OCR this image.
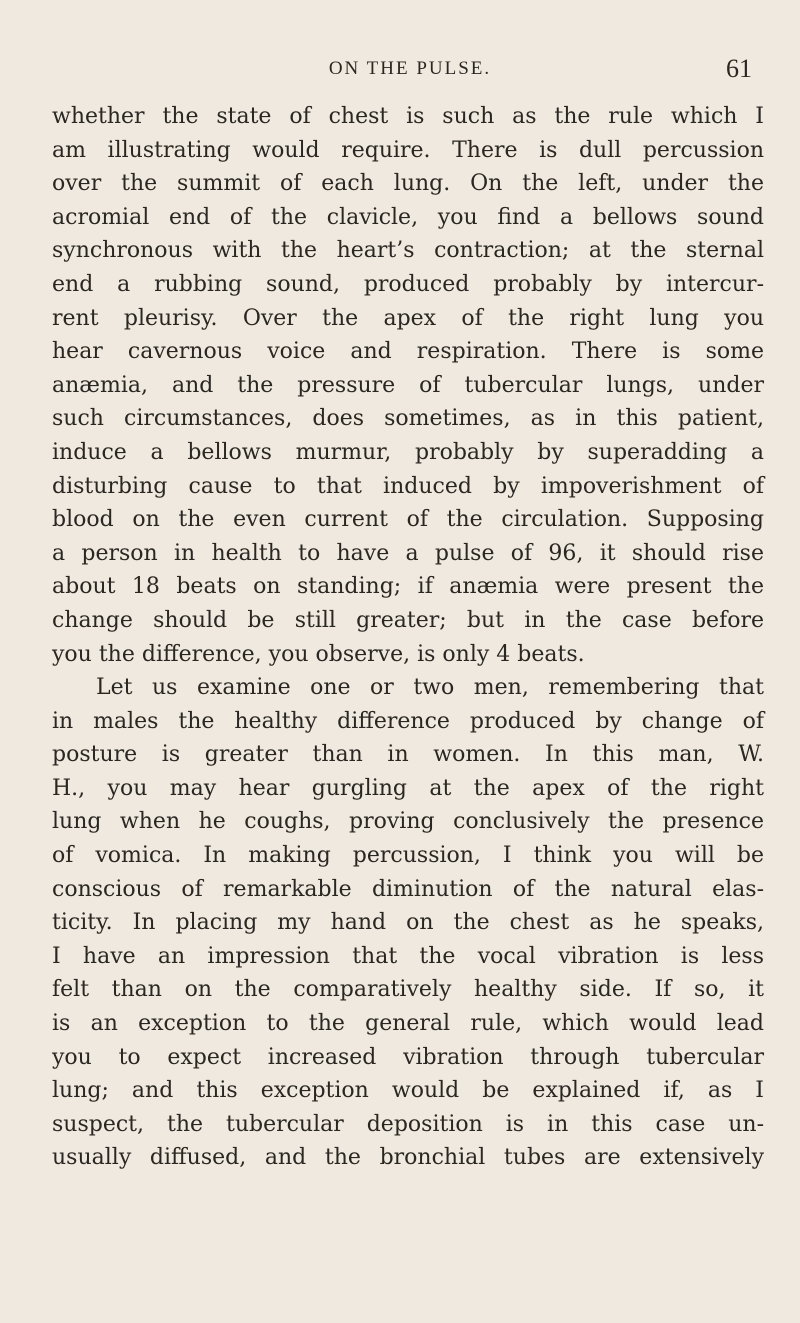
ON THE PULSE.	61
whether the state of chest is such as the rule which I
am illustrating would require. There is dull percussion
over the summit of each lung. On the left, under the
acromial end of the clavicle, you find a bellows sound
synchronous with the heart’s contraction; at the sternal
end a rubbing sound, produced probably by intercur-
rent pleurisy. Over the apex of the right lung you
hear cavernous voice and respiration. There is some
anæmia, and the pressure of tubercular lungs, under
such circumstances, does sometimes, as in this patient,
induce a bellows murmur, probably by superadding a
disturbing cause to that induced by impoverishment of
blood on the even current of the circulation. Supposing
a person in health to have a pulse of 96, it should rise
about 18 beats on standing; if anæmia were present the
change should be still greater; but in the case before
you the difference, you observe, is only 4 beats.
Let us examine one or two men, remembering that
in males the healthy difference produced by change of
posture is greater than in women. In this man, W.
H., you may hear gurgling at the apex of the right
lung when he coughs, proving conclusively the presence
of vomica. In making percussion, I think you will be
conscious of remarkable diminution of the natural elas-
ticity. In placing my hand on the chest as he speaks,
I have an impression that the vocal vibration is less
felt than on the comparatively healthy side. If so, it
is an exception to the general rule, which would lead
you to expect increased vibration through tubercular
lung; and this exception would be explained if, as I
suspect, the tubercular deposition is in this case un-
usually diffused, and the bronchial tubes are extensively
